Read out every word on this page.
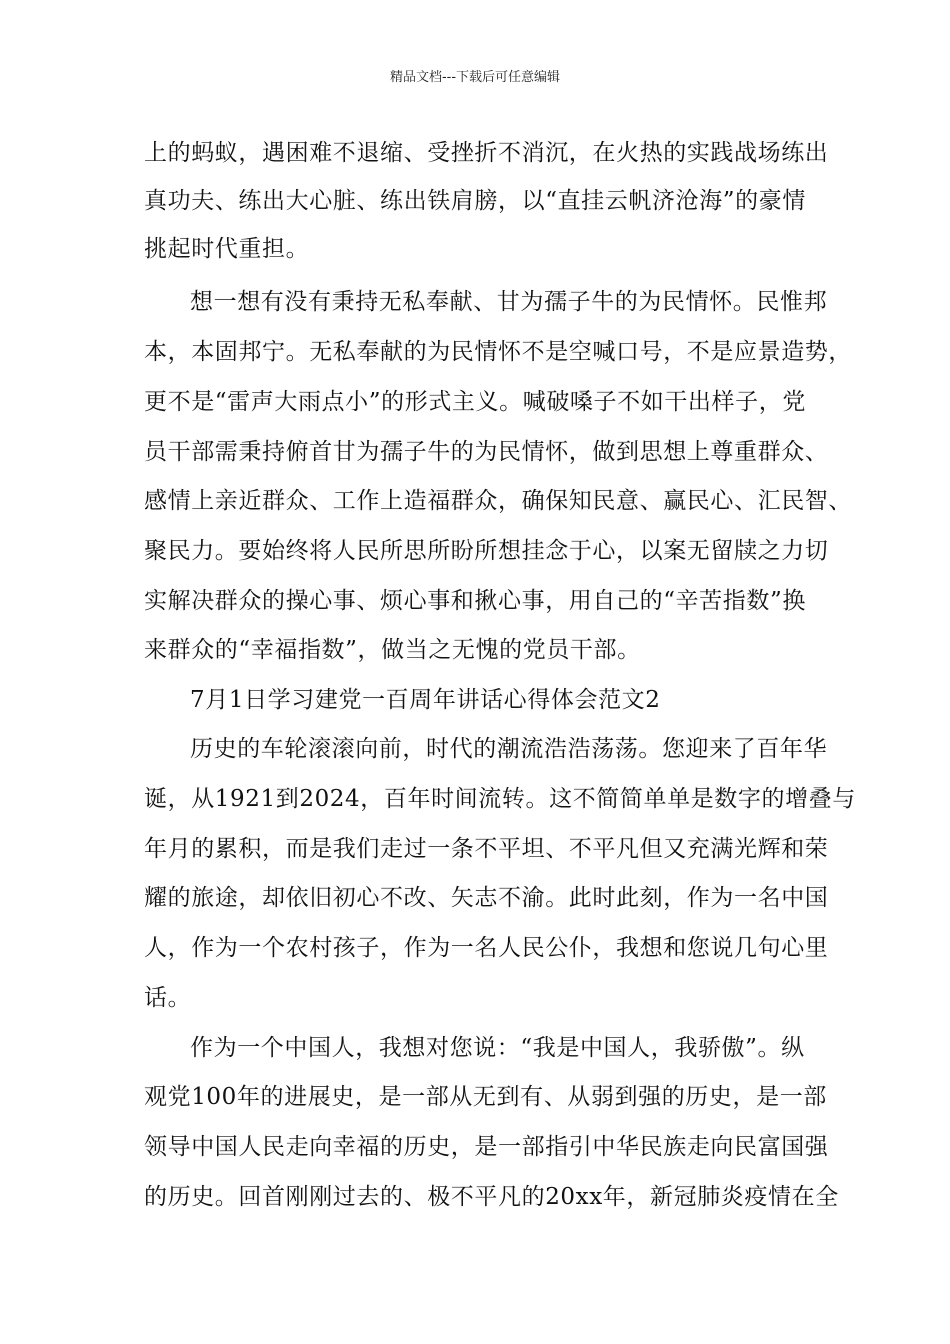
精品文档---下载后可任意编辑
上的蚂蚁，遇困难不退缩、受挫折不消沉，在火热的实践战场练出
真功夫、练出大心脏、练出铁肩膀，以“直挂云帆济沧海”的豪情
挑起时代重担。
想一想有没有秉持无私奉献、甘为孺子牛的为民情怀。民惟邦
本，本固邦宁。无私奉献的为民情怀不是空喊口号，不是应景造势，
更不是“雷声大雨点小”的形式主义。喊破嗓子不如干出样子，党
员干部需秉持俯首甘为孺子牛的为民情怀，做到思想上尊重群众、
感情上亲近群众、工作上造福群众，确保知民意、赢民心、汇民智、
聚民力。要始终将人民所思所盼所想挂念于心，以案无留牍之力切
实解决群众的操心事、烦心事和揪心事，用自己的“辛苦指数”换
来群众的“幸福指数”，做当之无愧的党员干部。
7月1日学习建党一百周年讲话心得体会范文2
历史的车轮滚滚向前，时代的潮流浩浩荡荡。您迎来了百年华
诞，从1921到2024，百年时间流转。这不简简单单是数字的增叠与
年月的累积，而是我们走过一条不平坦、不平凡但又充满光辉和荣
耀的旅途，却依旧初心不改、矢志不渝。此时此刻，作为一名中国
人，作为一个农村孩子，作为一名人民公仆，我想和您说几句心里
话。
作为一个中国人，我想对您说：“我是中国人，我骄傲”。纵
观党100年的进展史，是一部从无到有、从弱到强的历史，是一部
领导中国人民走向幸福的历史，是一部指引中华民族走向民富国强
的历史。回首刚刚过去的、极不平凡的20xx年，新冠肺炎疫情在全
